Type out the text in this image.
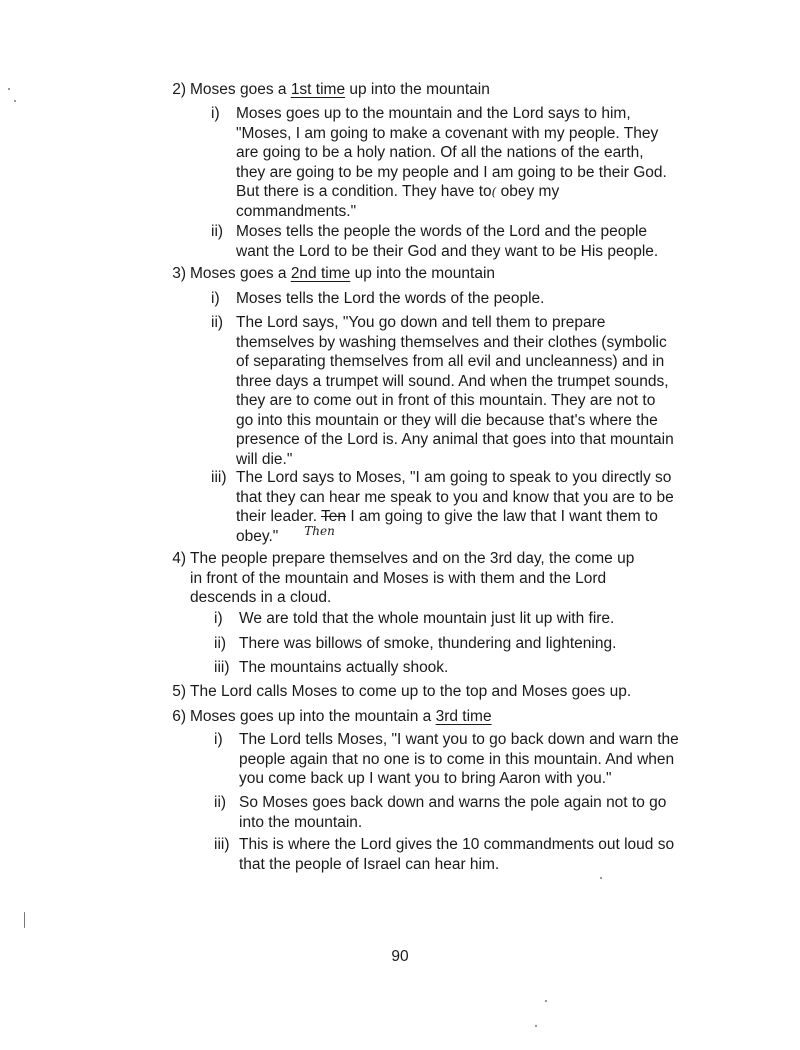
2) Moses goes a 1st time up into the mountain
i)	Moses goes up to the mountain and the Lord says to him,
"Moses, I am going to make a covenant with my people. They
are going to be a holy nation. Of all the nations of the earth,
they are going to be my people and I am going to be their God.
But there is a condition. They have to( obey my
commandments."
ii) Moses tells the people the words of the Lord and the people
want the Lord to be their God and they want to be His people.
3) Moses goes a 2nd time up into the mountain
i)	Moses tells the Lord the words of the people.
ii) The Lord says, "You go down and tell them to prepare
themselves by washing themselves and their clothes (symbolic
of separating themselves from all evil and uncleanness) and in
three days a trumpet will sound. And when the trumpet sounds,
they are to come out in front of this mountain. They are not to
go into this mountain or they will die because that's where the
presence of the Lord is. Any animal that goes into that mountain
will die."
iii) The Lord says to Moses, "I am going to speak to you directly so
that they can hear me speak to you and know that you are to be
their leader. Ten I am going to give the law that I want them to
obey." $^{Then}$
4) The people prepare themselves and on the 3rd day, the come up
in front of the mountain and Moses is with them and the Lord
descends in a cloud.
i)	We are told that the whole mountain just lit up with fire.
ii) There was billows of smoke, thundering and lightening.
iii) The mountains actually shook.
5) The Lord calls Moses to come up to the top and Moses goes up.
6) Moses goes up into the mountain a 3rd time
i)	The Lord tells Moses, "I want you to go back down and warn the
people again that no one is to come in this mountain. And when
you come back up I want you to bring Aaron with you."
ii) So Moses goes back down and warns the pole again not to go
into the mountain.
iii) This is where the Lord gives the 10 commandments out loud so
that the people of Israel can hear him.
90
